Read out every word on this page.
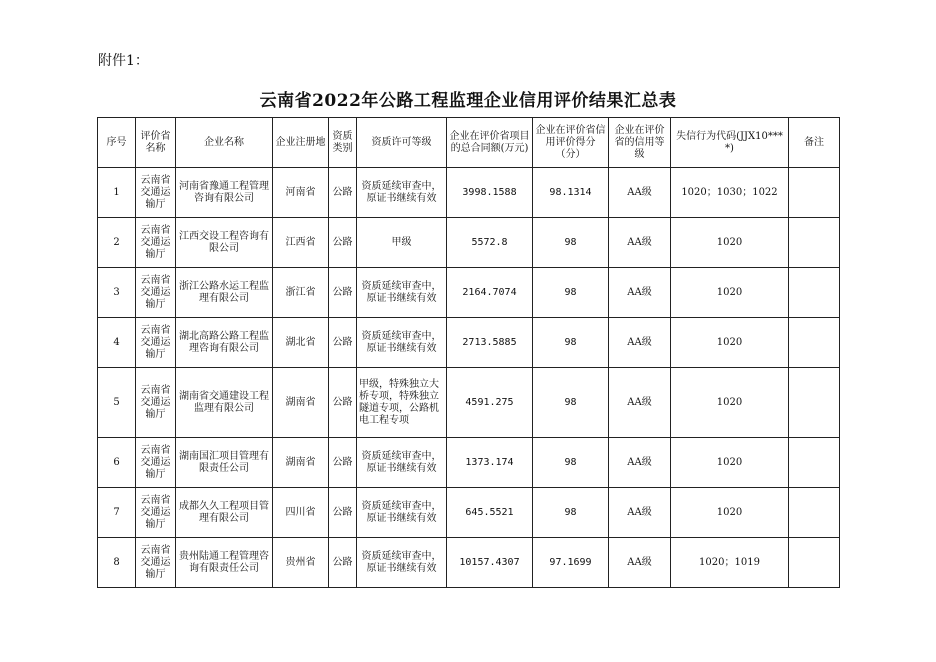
附件1：
云南省2022年公路工程监理企业信用评价结果汇总表
序号	评价省名称	企业名称	企业注册地	资质类别	资质许可等级	企业在评价省项目的总合同额(万元)	企业在评价省信用评价得分（分）	企业在评价省的信用等级	失信行为代码(JJX10****)	备注
1	云南省交通运输厅	河南省豫通工程管理咨询有限公司	河南省	公路	资质延续审查中，原证书继续有效	3998.1588	98.1314	AA级	1020；1030；1022	
2	云南省交通运输厅	江西交设工程咨询有限公司	江西省	公路	甲级	5572.8	98	AA级	1020	
3	云南省交通运输厅	浙江公路水运工程监理有限公司	浙江省	公路	资质延续审查中，原证书继续有效	2164.7074	98	AA级	1020	
4	云南省交通运输厅	湖北高路公路工程监理咨询有限公司	湖北省	公路	资质延续审查中，原证书继续有效	2713.5885	98	AA级	1020	
5	云南省交通运输厅	湖南省交通建设工程监理有限公司	湖南省	公路	甲级，特殊独立大桥专项，特殊独立隧道专项，公路机电工程专项	4591.275	98	AA级	1020	
6	云南省交通运输厅	湖南国汇项目管理有限责任公司	湖南省	公路	资质延续审查中，原证书继续有效	1373.174	98	AA级	1020	
7	云南省交通运输厅	成都久久工程项目管理有限公司	四川省	公路	资质延续审查中，原证书继续有效	645.5521	98	AA级	1020	
8	云南省交通运输厅	贵州陆通工程管理咨询有限责任公司	贵州省	公路	资质延续审查中，原证书继续有效	10157.4307	97.1699	AA级	1020；1019	
